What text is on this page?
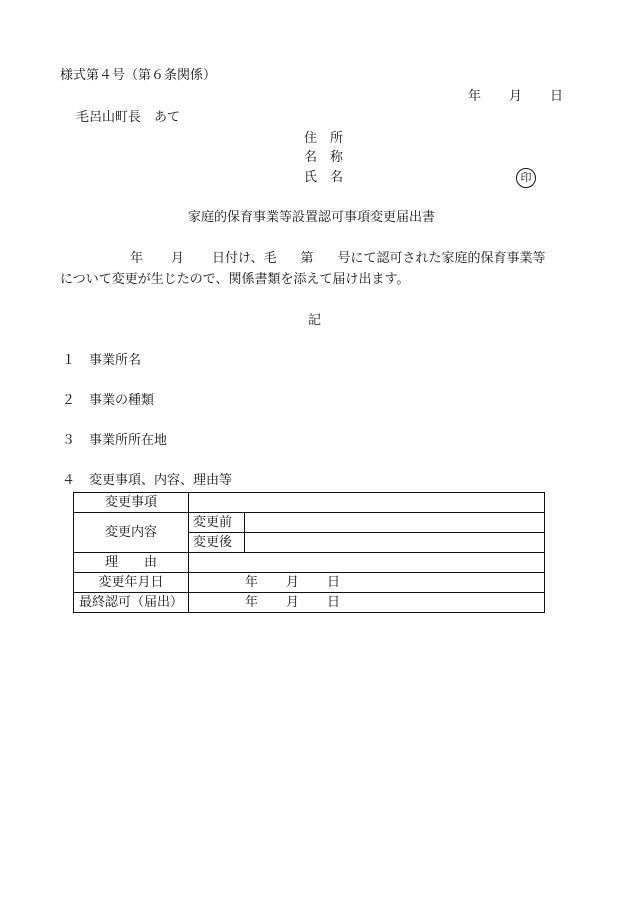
様式第４号（第６条関係）
年 月 日
毛呂山町長　あて
住　所
名　称
氏　名	印
家庭的保育事業等設置認可事項変更届出書
年 月 日付け、毛 第 号にて認可された家庭的保育事業等
について変更が生じたので、関係書類を添えて届け出ます。
記
１ 事業所名
２ 事業の種類
３ 事業所所在地
４ 変更事項、内容、理由等
変更事項		
変更内容	変更前	
	変更後	
理　　由		
変更年月日	年 月 日	
最終認可（届出）	年 月 日	
